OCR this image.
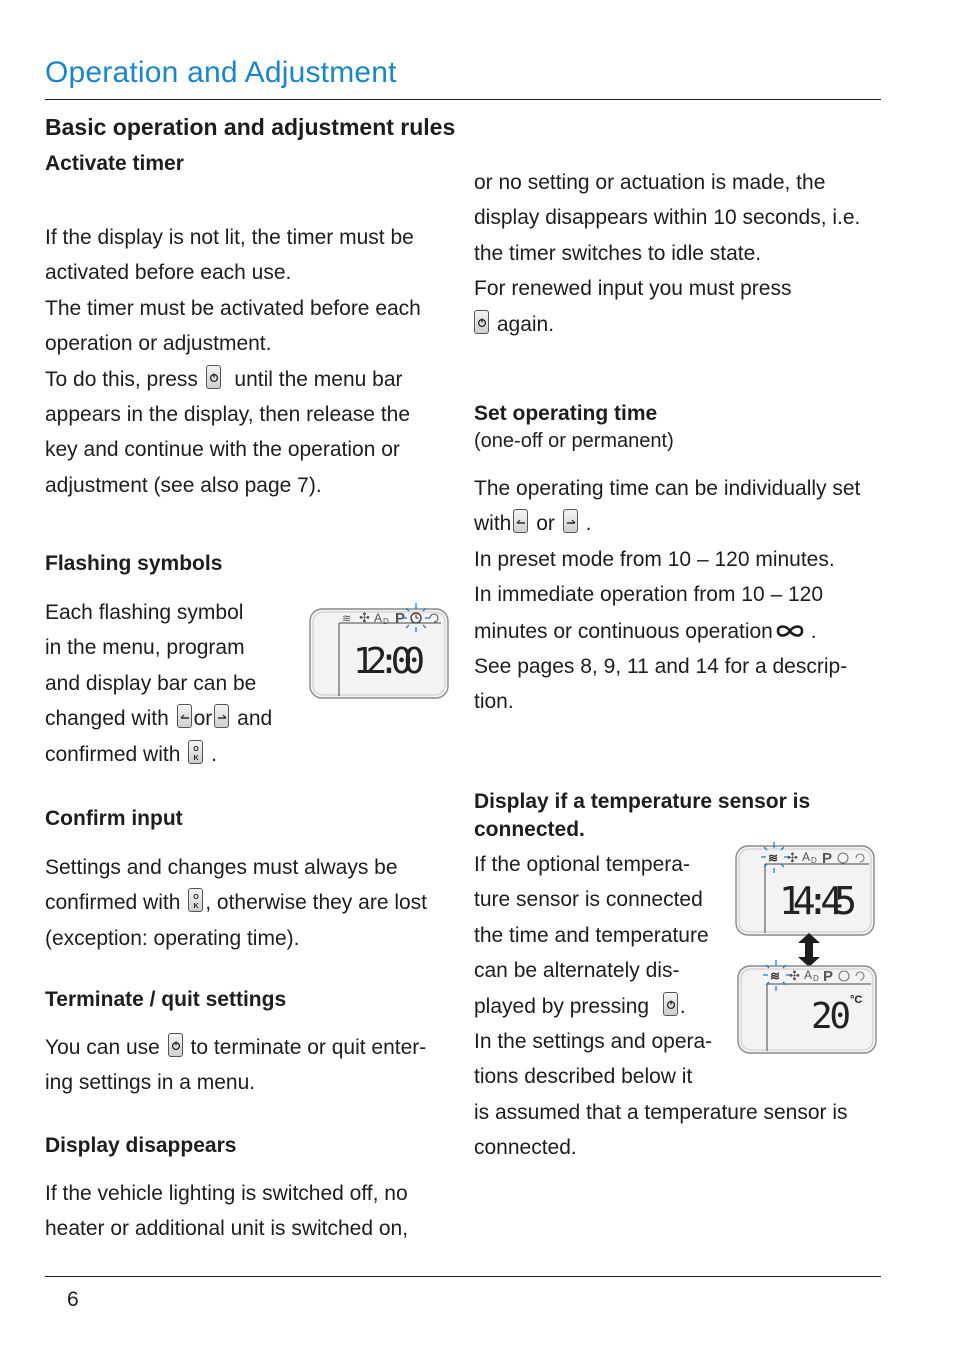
Operation and Adjustment
Basic operation and adjustment rules
Activate timer

If the display is not lit, the timer must be

activated before each use.

The timer must be activated before each

operation or adjustment.

To do this, press until the menu bar

appears in the display, then release the

key and continue with the operation or

adjustment (see also page 7).

Flashing symbols

Each flashing symbol

in the menu, program

and display bar can be

changed with or and

confirmed with O
K .

Confirm input

Settings and changes must always be

confirmed with O
K , otherwise they are lost

(exception: operating time).

Terminate / quit settings

You can use to terminate or quit enter-

ing settings in a menu.

Display disappears

If the vehicle lighting is switched off, no

heater or additional unit is switched on,

≋ ✣ A D P
12:00

or no setting or actuation is made, the

display disappears within 10 seconds, i.e.

the timer switches to idle state.

For renewed input you must press

again.

Set operating time
(one-off or permanent)

The operating time can be individually set

with or .

In preset mode from 10 – 120 minutes.

In immediate operation from 10 – 120

minutes or continuous operation .

See pages 8, 9, 11 and 14 for a descrip-

tion.

Display if a temperature sensor is
connected.

If the optional tempera-

ture sensor is connected

the time and temperature

can be alternately dis-

played by pressing .

In the settings and opera-

tions described below it

is assumed that a temperature sensor is

connected.

≋ ✣ A D P
14:45
≋ ✣ A D P
20 °C
6
